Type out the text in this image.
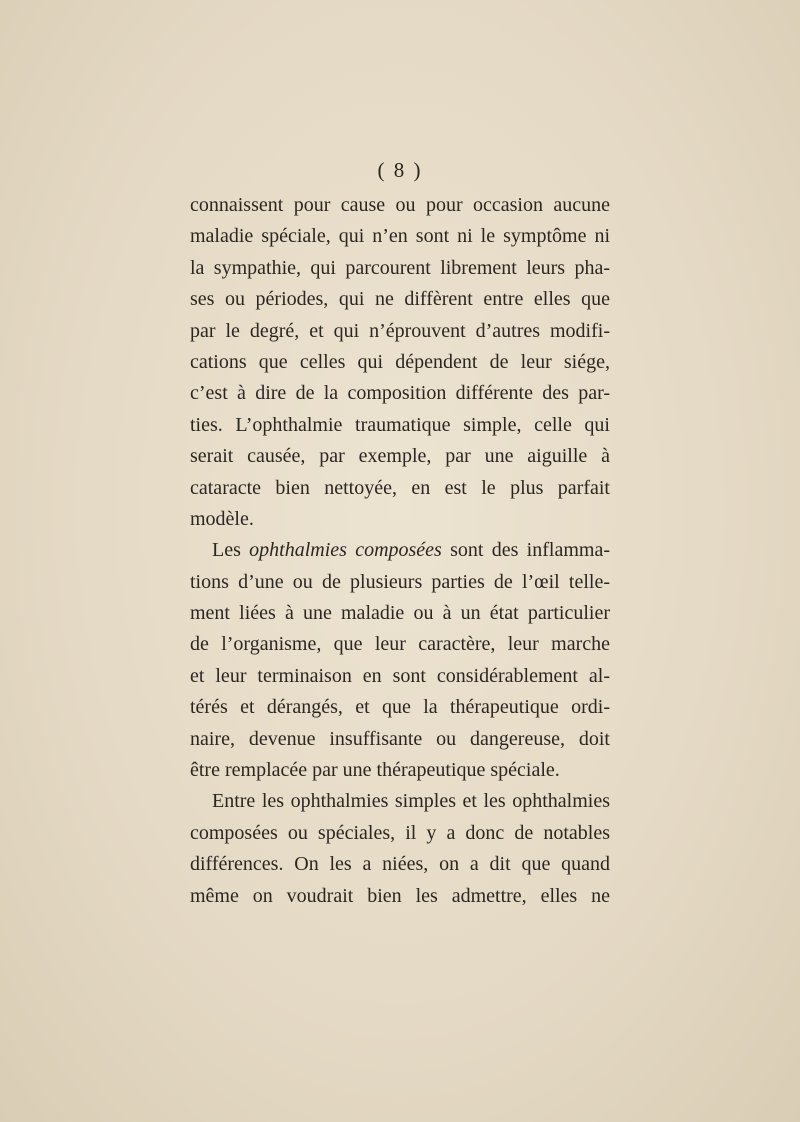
( 8 )
connaissent pour cause ou pour occasion aucune
maladie spéciale, qui n’en sont ni le symptôme ni
la sympathie, qui parcourent librement leurs pha-
ses ou périodes, qui ne diffèrent entre elles que
par le degré, et qui n’éprouvent d’autres modifi-
cations que celles qui dépendent de leur siége,
c’est à dire de la composition différente des par-
ties. L’ophthalmie traumatique simple, celle qui
serait causée, par exemple, par une aiguille à
cataracte bien nettoyée, en est le plus parfait
modèle.
Les ophthalmies composées sont des inflamma-
tions d’une ou de plusieurs parties de l’œil telle-
ment liées à une maladie ou à un état particulier
de l’organisme, que leur caractère, leur marche
et leur terminaison en sont considérablement al-
térés et dérangés, et que la thérapeutique ordi-
naire, devenue insuffisante ou dangereuse, doit
être remplacée par une thérapeutique spéciale.
Entre les ophthalmies simples et les ophthalmies
composées ou spéciales, il y a donc de notables
différences. On les a niées, on a dit que quand
même on voudrait bien les admettre, elles ne
